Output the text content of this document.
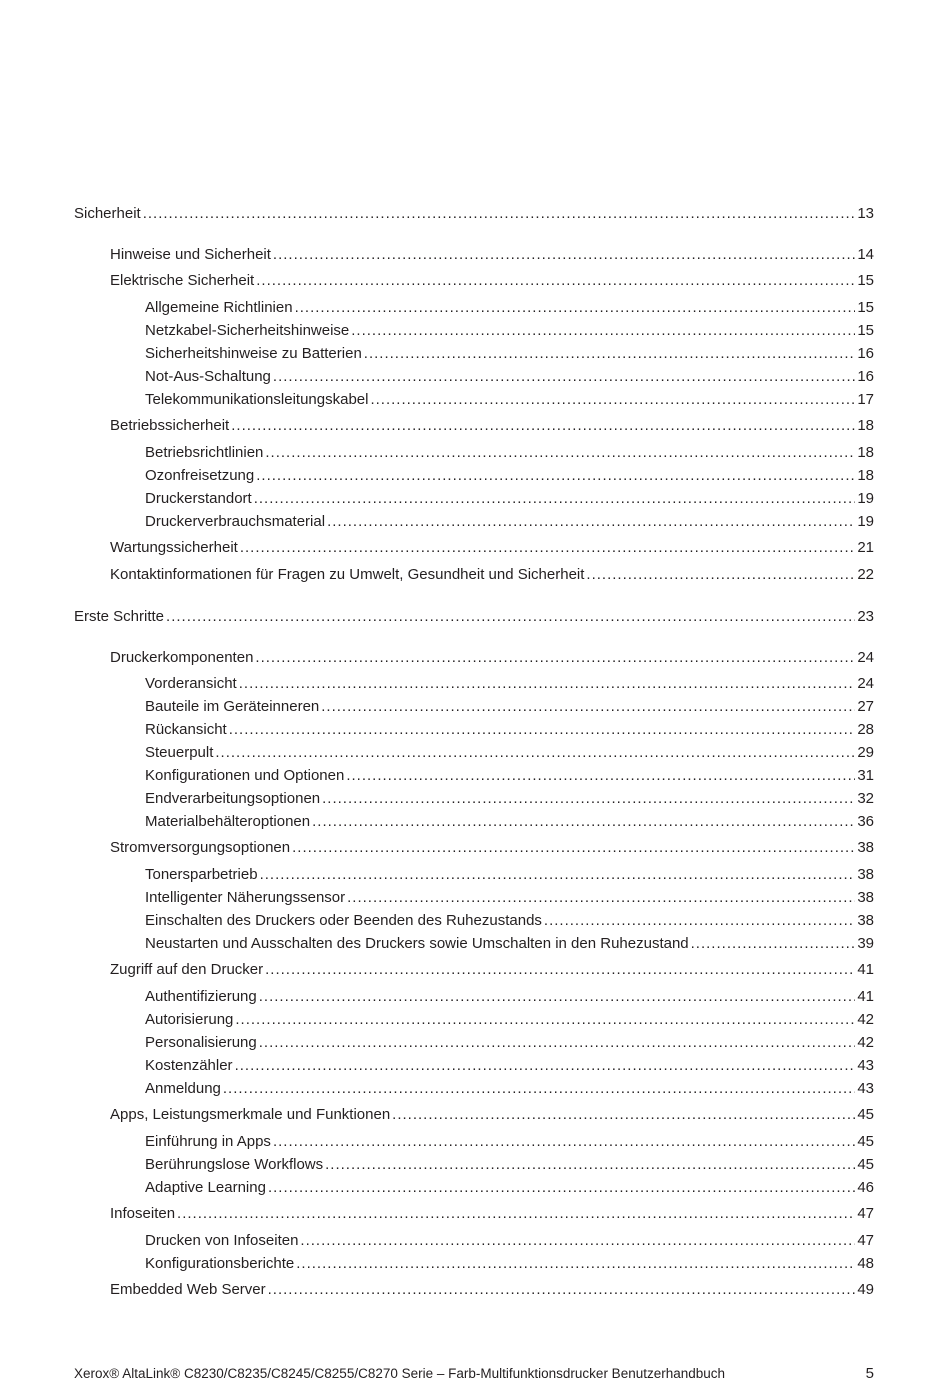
Sicherheit .....	13
Hinweise und Sicherheit .....	14
Elektrische Sicherheit .....	15
Allgemeine Richtlinien .....	15
Netzkabel-Sicherheitshinweise .....	15
Sicherheitshinweise zu Batterien .....	16
Not-Aus-Schaltung .....	16
Telekommunikationsleitungskabel .....	17
Betriebssicherheit .....	18
Betriebsrichtlinien .....	18
Ozonfreisetzung .....	18
Druckerstandort .....	19
Druckerverbrauchsmaterial .....	19
Wartungssicherheit .....	21
Kontaktinformationen für Fragen zu Umwelt, Gesundheit und Sicherheit .....	22
Erste Schritte .....	23
Druckerkomponenten .....	24
Vorderansicht .....	24
Bauteile im Geräteinneren .....	27
Rückansicht .....	28
Steuerpult .....	29
Konfigurationen und Optionen .....	31
Endverarbeitungsoptionen .....	32
Materialbehälteroptionen .....	36
Stromversorgungsoptionen .....	38
Tonersparbetrieb .....	38
Intelligenter Näherungssensor .....	38
Einschalten des Druckers oder Beenden des Ruhezustands .....	38
Neustarten und Ausschalten des Druckers sowie Umschalten in den Ruhezustand .....	39
Zugriff auf den Drucker .....	41
Authentifizierung .....	41
Autorisierung .....	42
Personalisierung .....	42
Kostenzähler .....	43
Anmeldung .....	43
Apps, Leistungsmerkmale und Funktionen .....	45
Einführung in Apps .....	45
Berührungslose Workflows .....	45
Adaptive Learning .....	46
Infoseiten .....	47
Drucken von Infoseiten .....	47
Konfigurationsberichte .....	48
Embedded Web Server .....	49
Xerox® AltaLink® C8230/C8235/C8245/C8255/C8270 Serie – Farb-Multifunktionsdrucker Benutzerhandbuch	5
